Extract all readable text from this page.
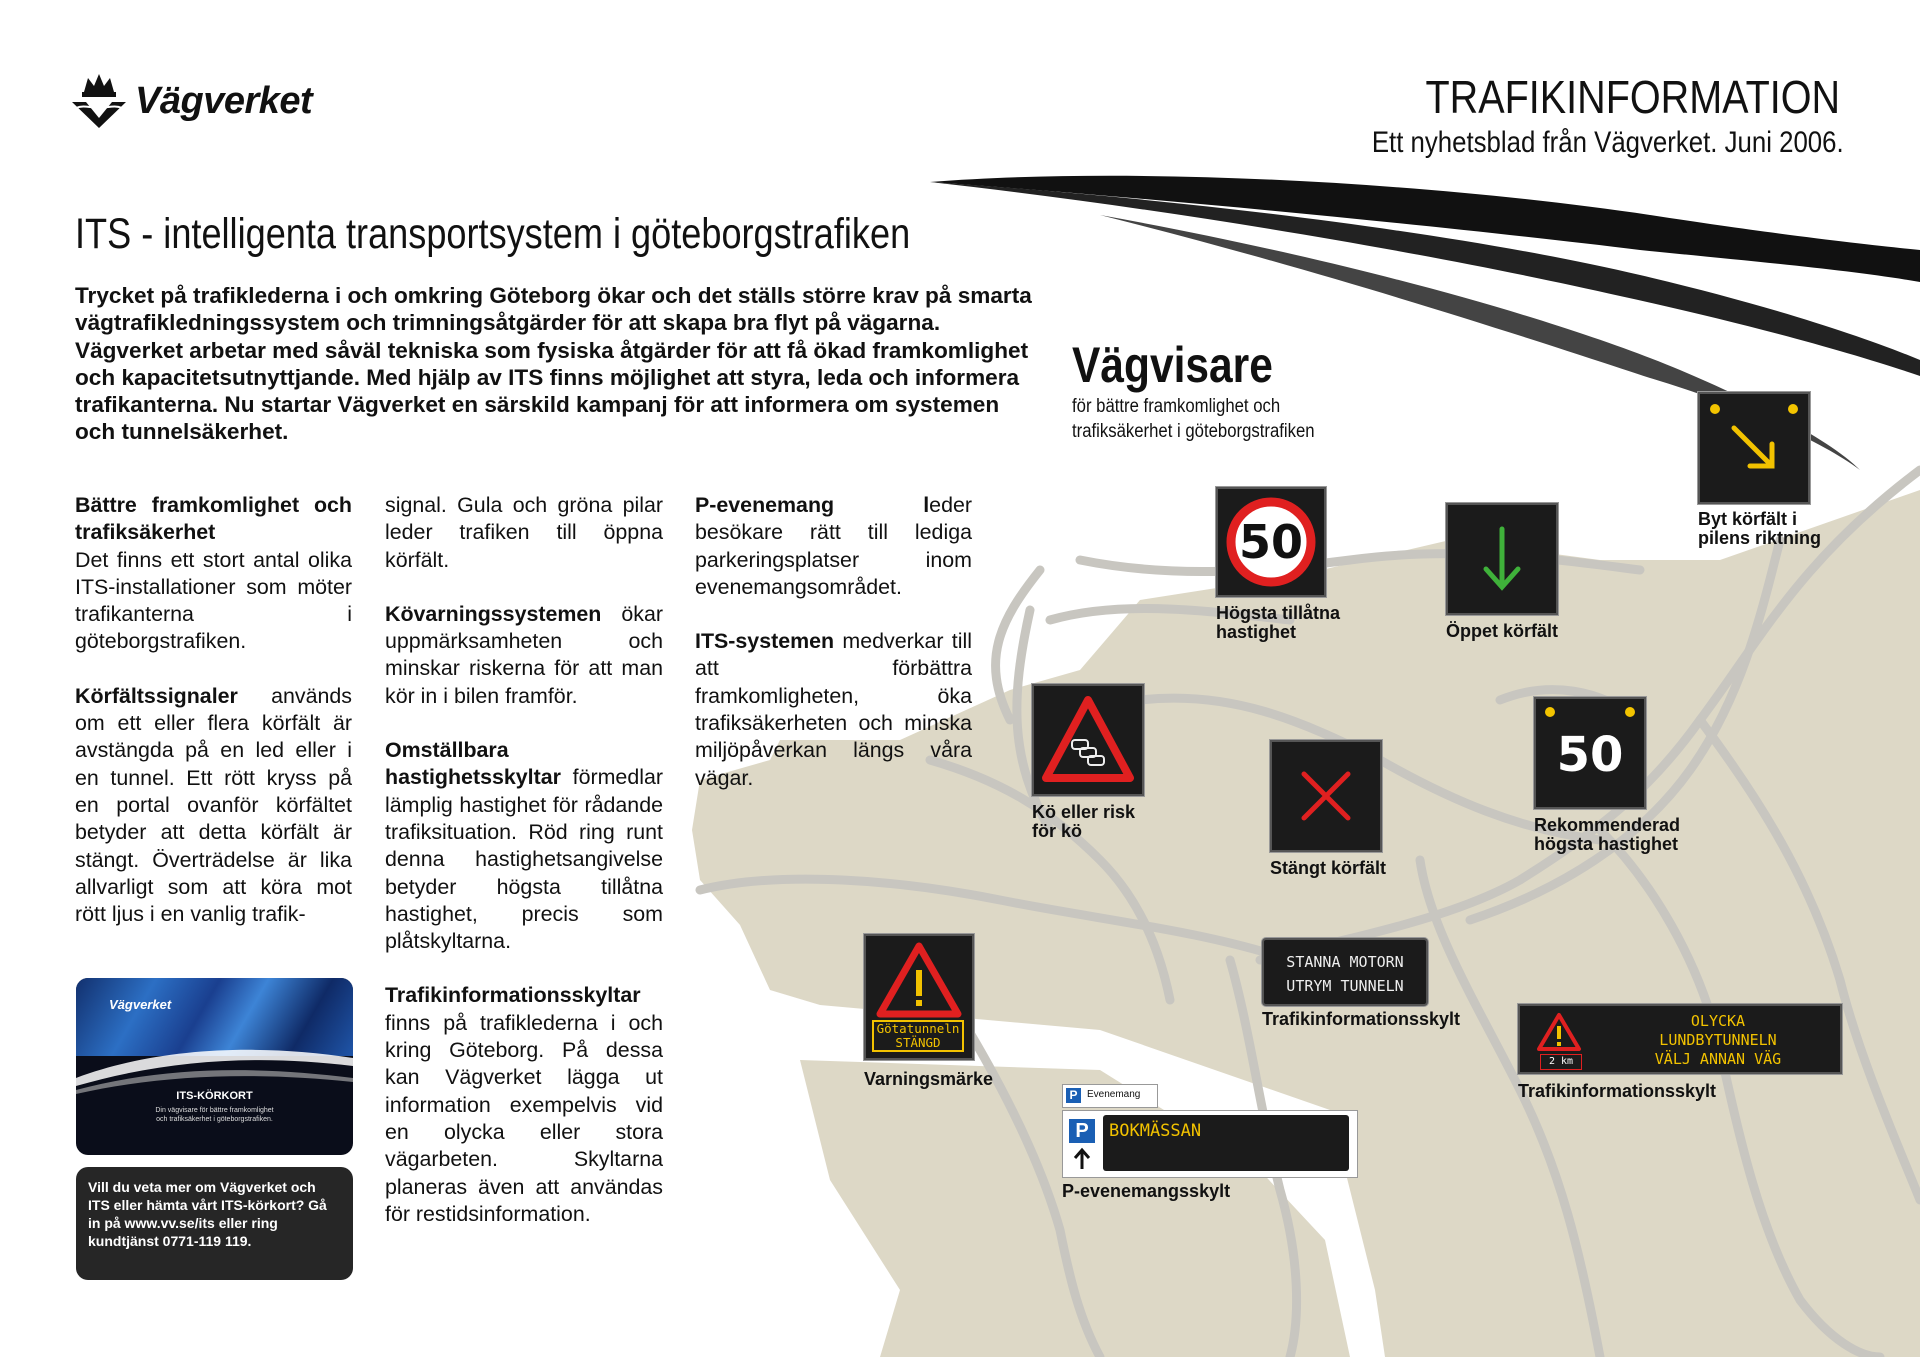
Vägverket	TRAFIKINFORMATION
Ett nyhetsblad från Vägverket. Juni 2006.
ITS - intelligenta transportsystem i göteborgstrafiken
Trycket på trafiklederna i och omkring Göteborg ökar och det ställs större krav på smarta vägtrafikledningssystem och trimningsåtgärder för att skapa bra flyt på vägarna. Vägverket arbetar med såväl tekniska som fysiska åtgärder för att få ökad framkomlighet och kapacitetsutnyttjande. Med hjälp av ITS finns möjlighet att styra, leda och informera trafikanterna. Nu startar Vägverket en särskild kampanj för att informera om systemen och tunnelsäkerhet.

Bättre framkomlighet och trafiksäkerhet
Det finns ett stort antal olika ITS-installationer som möter trafikanterna i göteborgstrafiken.

Körfältssignaler används om ett eller flera körfält är avstängda på en led eller i en tunnel. Ett rött kryss på en portal ovanför körfältet betyder att detta körfält är stängt. Överträdelse är lika allvarligt som att köra mot rött ljus i en vanlig trafik-

signal. Gula och gröna pilar leder trafiken till öppna körfält.

Kövarningssystemen ökar uppmärksamheten och minskar riskerna för att man kör in i bilen framför.

Omställbara hastighetsskyltar förmedlar lämplig hastighet för rådande trafiksituation. Röd ring runt denna hastighetsangivelse betyder högsta tillåtna hastighet, precis som plåtskyltarna.

Trafikinformationsskyltar finns på trafiklederna i och kring Göteborg. På dessa kan Vägverket lägga ut information exempelvis vid en olycka eller stora vägarbeten. Skyltarna planeras även att användas för restidsinformation.

P-evenemang leder besökare rätt till lediga parkeringsplatser inom evenemangsområdet.

ITS-systemen medverkar till att förbättra framkomligheten, öka trafiksäkerheten och minska miljöpåverkan längs våra vägar.

Vägverket
ITS-KÖRKORT
Din vägvisare för bättre framkomlighet
och trafiksäkerhet i göteborgstrafiken.
Vill du veta mer om Vägverket och ITS eller hämta vårt ITS-körkort? Gå in på www.vv.se/its eller ring kundtjänst 0771-119 119.
Vägvisare
för bättre framkomlighet och
trafiksäkerhet i göteborgstrafiken
50
Högsta tillåtna
hastighet	Öppet körfält
Byt körfält i
pilens riktning
Kö eller risk
för kö
Stängt körfält
50
Rekommenderad
högsta hastighet
Götatunneln
STÄNGD
Varningsmärke
STANNA MOTORN
UTRYM TUNNELN
Trafikinformationsskylt
2 km
OLYCKA
LUNDBYTUNNELN
VÄLJ ANNAN VÄG
Trafikinformationsskylt
P Evenemang
P	BOKMÄSSAN
P-evenemangsskylt
